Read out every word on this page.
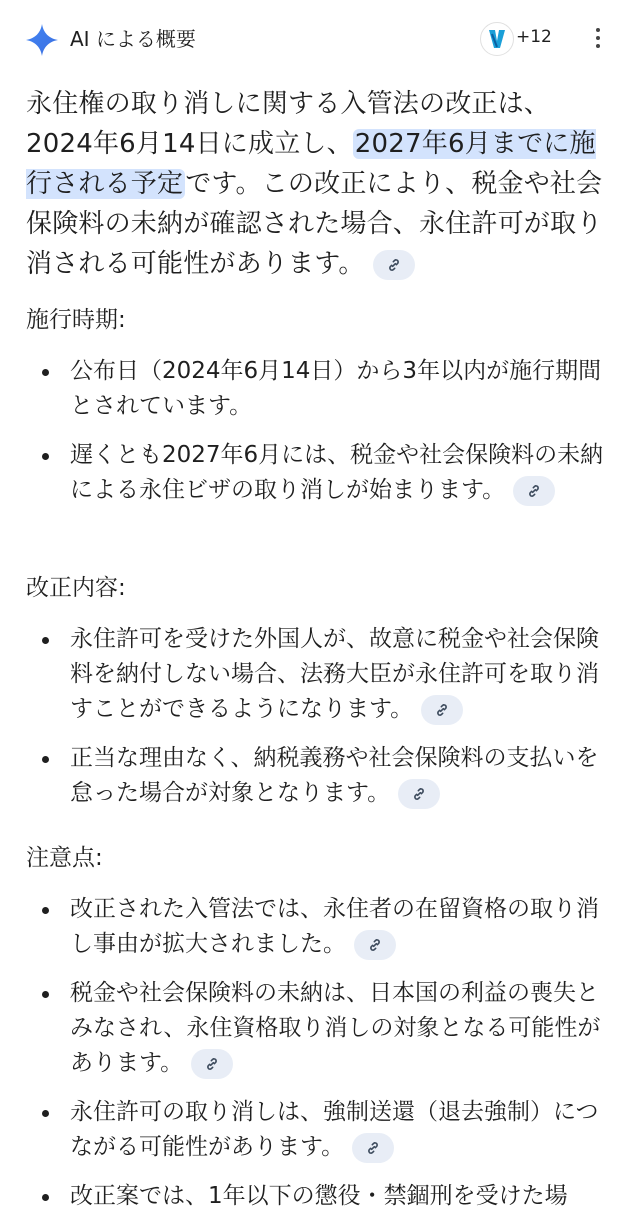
AI による概要	+12
永住権の取り消しに関する入管法の改正は、2024年6月14日に成立し、2027年6月までに施行される予定です。この改正により、税金や社会保険料の未納が確認された場合、永住許可が取り消される可能性があります。
施行時期:
公布日（2024年6月14日）から3年以内が施行期間とされています。
遅くとも2027年6月には、税金や社会保険料の未納による永住ビザの取り消しが始まります。
改正内容:
永住許可を受けた外国人が、故意に税金や社会保険料を納付しない場合、法務大臣が永住許可を取り消すことができるようになります。
正当な理由なく、納税義務や社会保険料の支払いを怠った場合が対象となります。
注意点:
改正された入管法では、永住者の在留資格の取り消し事由が拡大されました。
税金や社会保険料の未納は、日本国の利益の喪失とみなされ、永住資格取り消しの対象となる可能性があります。
永住許可の取り消しは、強制送還（退去強制）につながる可能性があります。
改正案では、1年以下の懲役・禁錮刑を受けた場
